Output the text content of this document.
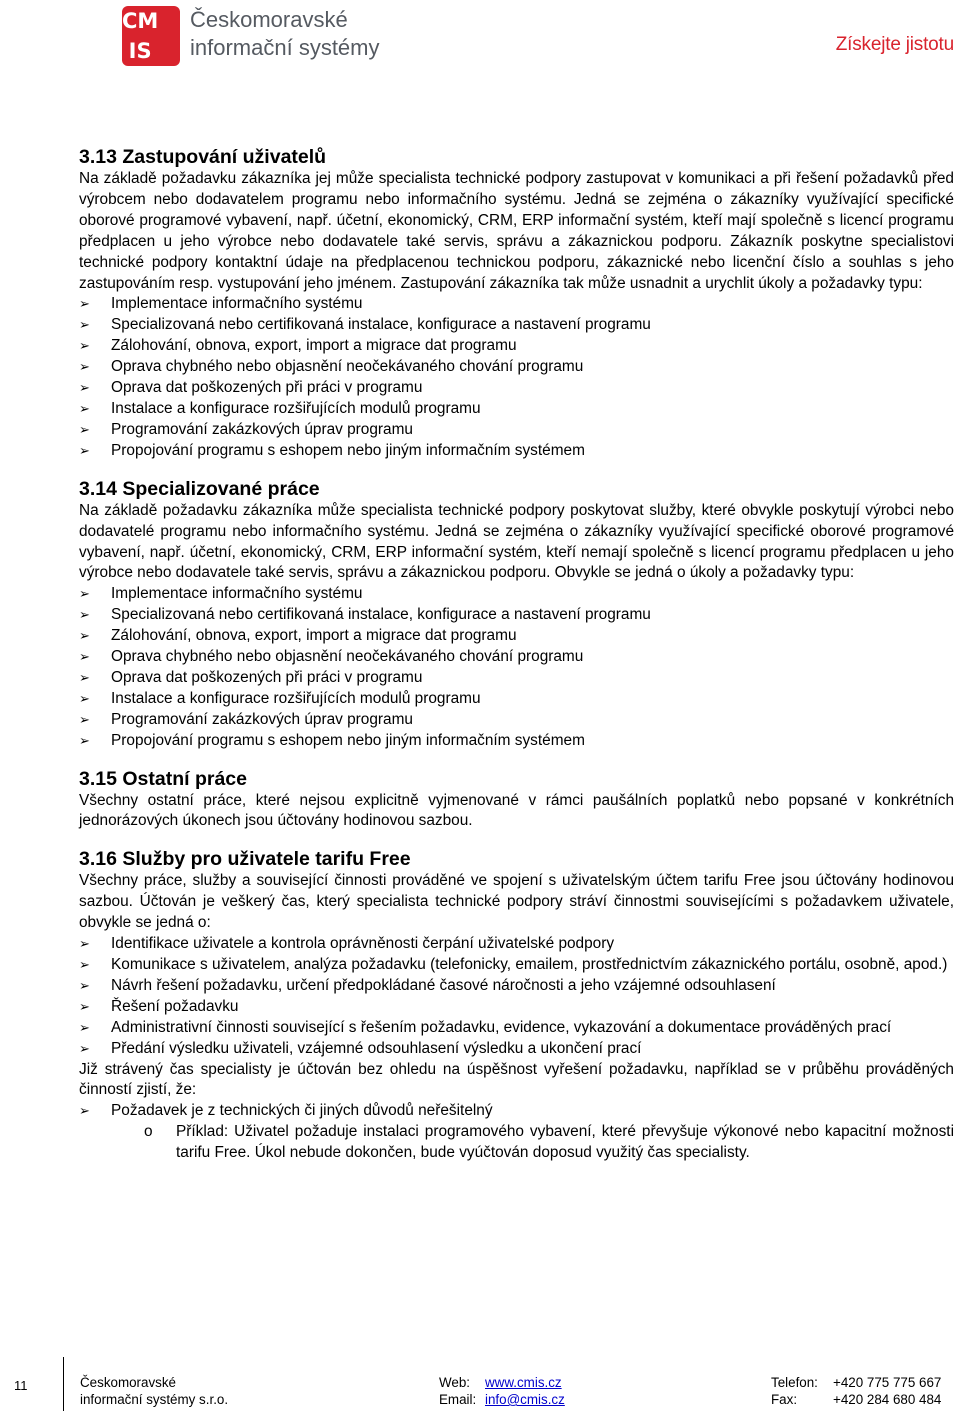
CM
IS
Českomoravské
informační systémy	Získejte jistotu
3.13 Zastupování uživatelů

Na základě požadavku zákazníka jej může specialista technické podpory zastupovat v komunikaci a při řešení požadavků před výrobcem nebo dodavatelem programu nebo informačního systému. Jedná se zejména o zákazníky využívající specifické oborové programové vybavení, např. účetní, ekonomický, CRM, ERP informační systém, kteří mají společně s licencí programu předplacen u jeho výrobce nebo dodavatele také servis, správu a zákaznickou podporu. Zákazník poskytne specialistovi technické podpory kontaktní údaje na předplacenou technickou podporu, zákaznické nebo licenční číslo a souhlas s jeho zastupováním resp. vystupování jeho jménem. Zastupování zákazníka tak může usnadnit a urychlit úkoly a požadavky typu:

➢	Implementace informačního systému
➢	Specializovaná nebo certifikovaná instalace, konfigurace a nastavení programu
➢	Zálohování, obnova, export, import a migrace dat programu
➢	Oprava chybného nebo objasnění neočekávaného chování programu
➢	Oprava dat poškozených při práci v programu
➢	Instalace a konfigurace rozšiřujících modulů programu
➢	Programování zakázkových úprav programu
➢	Propojování programu s eshopem nebo jiným informačním systémem
3.14 Specializované práce

Na základě požadavku zákazníka může specialista technické podpory poskytovat služby, které obvykle poskytují výrobci nebo dodavatelé programu nebo informačního systému. Jedná se zejména o zákazníky využívající specifické oborové programové vybavení, např. účetní, ekonomický, CRM, ERP informační systém, kteří nemají společně s licencí programu předplacen u jeho výrobce nebo dodavatele také servis, správu a zákaznickou podporu. Obvykle se jedná o úkoly a požadavky typu:

➢	Implementace informačního systému
➢	Specializovaná nebo certifikovaná instalace, konfigurace a nastavení programu
➢	Zálohování, obnova, export, import a migrace dat programu
➢	Oprava chybného nebo objasnění neočekávaného chování programu
➢	Oprava dat poškozených při práci v programu
➢	Instalace a konfigurace rozšiřujících modulů programu
➢	Programování zakázkových úprav programu
➢	Propojování programu s eshopem nebo jiným informačním systémem
3.15 Ostatní práce

Všechny ostatní práce, které nejsou explicitně vyjmenované v rámci paušálních poplatků nebo popsané v konkrétních jednorázových úkonech jsou účtovány hodinovou sazbou.

3.16 Služby pro uživatele tarifu Free

Všechny práce, služby a související činnosti prováděné ve spojení s uživatelským účtem tarifu Free jsou účtovány hodinovou sazbou. Účtován je veškerý čas, který specialista technické podpory stráví činnostmi souvisejícími s požadavkem uživatele, obvykle se jedná o:

➢	Identifikace uživatele a kontrola oprávněnosti čerpání uživatelské podpory
➢	Komunikace s uživatelem, analýza požadavku (telefonicky, emailem, prostřednictvím zákaznického portálu, osobně, apod.)
➢	Návrh řešení požadavku, určení předpokládané časové náročnosti a jeho vzájemné odsouhlasení
➢	Řešení požadavku
➢	Administrativní činnosti související s řešením požadavku, evidence, vykazování a dokumentace prováděných prací
➢	Předání výsledku uživateli, vzájemné odsouhlasení výsledku a ukončení prací

Již strávený čas specialisty je účtován bez ohledu na úspěšnost vyřešení požadavku, například se v průběhu prováděných činností zjistí, že:

➢	Požadavek je z technických či jiných důvodů neřešitelný
o Příklad: Uživatel požaduje instalaci programového vybavení, které převyšuje výkonové nebo kapacitní možnosti tarifu Free. Úkol nebude dokončen, bude vyúčtován doposud využitý čas specialisty.
11	Českomoravské
informační systémy s.r.o.
Web: www.cmis.cz
Email: info@cmis.cz
Telefon: +420 775 775 667
Fax:	+420 284 680 484
